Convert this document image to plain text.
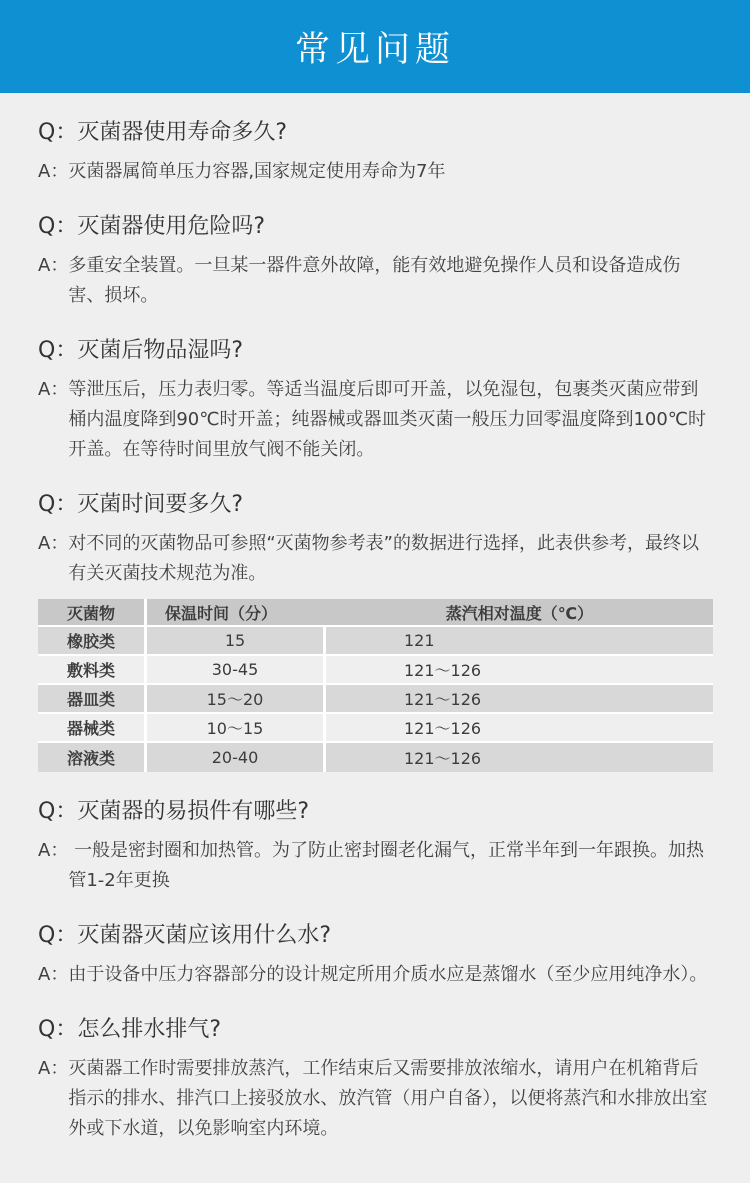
常见问题
Q： 灭菌器使用寿命多久?
A： 灭菌器属简单压力容器,国家规定使用寿命为7年
Q： 灭菌器使用危险吗?
A： 多重安全装置。一旦某一器件意外故障，能有效地避免操作人员和设备造成伤害、损坏。
Q： 灭菌后物品湿吗?
A： 等泄压后，压力表归零。等适当温度后即可开盖，以免湿包，包裹类灭菌应带到桶内温度降到90℃时开盖；纯器械或器皿类灭菌一般压力回零温度降到100℃时开盖。在等待时间里放气阀不能关闭。
Q： 灭菌时间要多久?
A： 对不同的灭菌物品可参照“灭菌物参考表”的数据进行选择，此表供参考，最终以有关灭菌技术规范为准。
灭菌物	保温时间（分）	蒸汽相对温度（℃）
橡胶类	15	121
敷料类	30-45	121～126
器皿类	15～20	121～126
器械类	10～15	121～126
溶液类	20-40	121～126
Q： 灭菌器的易损件有哪些?
A： 一般是密封圈和加热管。为了防止密封圈老化漏气，正常半年到一年跟换。加热管1-2年更换
Q： 灭菌器灭菌应该用什么水?
A： 由于设备中压力容器部分的设计规定所用介质水应是蒸馏水（至少应用纯净水）。
Q： 怎么排水排气?
A： 灭菌器工作时需要排放蒸汽，工作结束后又需要排放浓缩水，请用户在机箱背后指示的排水、排汽口上接驳放水、放汽管（用户自备），以便将蒸汽和水排放出室外或下水道，以免影响室内环境。
